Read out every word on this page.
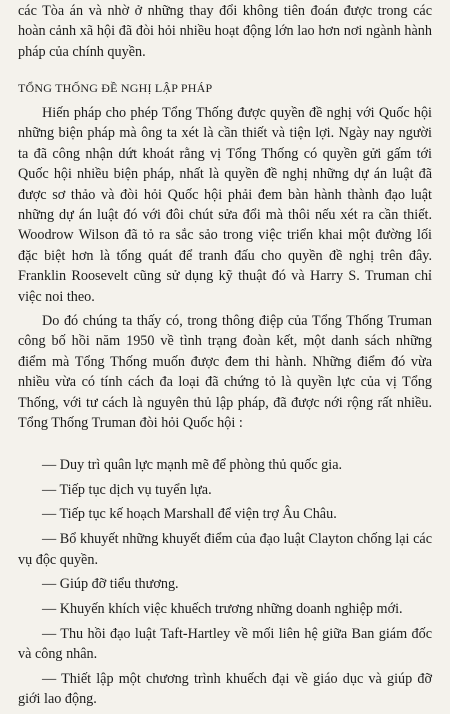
các Tòa án và nhờ ở những thay đổi không tiên đoán được trong các hoàn cảnh xã hội đã đòi hỏi nhiều hoạt động lớn lao hơn nơi ngành hành pháp của chính quyền.

TỔNG THỐNG ĐỀ NGHỊ LẬP PHÁP

Hiến pháp cho phép Tổng Thống được quyền đề nghị với Quốc hội những biện pháp mà ông ta xét là cần thiết và tiện lợi. Ngày nay người ta đã công nhận dứt khoát rằng vị Tổng Thống có quyền gửi gấm tới Quốc hội nhiều biện pháp, nhất là quyền đề nghị những dự án luật đã được sơ thảo và đòi hỏi Quốc hội phải đem bàn hành thành đạo luật những dự án luật đó với đôi chút sửa đổi mà thôi nếu xét ra cần thiết. Woodrow Wilson đã tỏ ra sắc sảo trong việc triển khai một đường lối đặc biệt hơn là tổng quát để tranh đấu cho quyền đề nghị trên đây. Franklin Roosevelt cũng sử dụng kỹ thuật đó và Harry S. Truman chỉ việc noi theo.

Do đó chúng ta thấy có, trong thông điệp của Tổng Thống Truman công bố hồi năm 1950 về tình trạng đoàn kết, một danh sách những điểm mà Tổng Thống muốn được đem thi hành. Những điểm đó vừa nhiều vừa có tính cách đa loại đã chứng tỏ là quyền lực của vị Tổng Thống, với tư cách là nguyên thủ lập pháp, đã được nới rộng rất nhiều. Tổng Thống Truman đòi hỏi Quốc hội :

— Duy trì quân lực mạnh mẽ để phòng thủ quốc gia.
— Tiếp tục dịch vụ tuyển lựa.
— Tiếp tục kế hoạch Marshall để viện trợ Âu Châu.
— Bổ khuyết những khuyết điểm của đạo luật Clayton chống lại các vụ độc quyền.
— Giúp đỡ tiểu thương.
— Khuyến khích việc khuếch trương những doanh nghiệp mới.
— Thu hồi đạo luật Taft-Hartley về mối liên hệ giữa Ban giám đốc và công nhân.
— Thiết lập một chương trình khuếch đại về giáo dục và giúp đỡ giới lao động.
